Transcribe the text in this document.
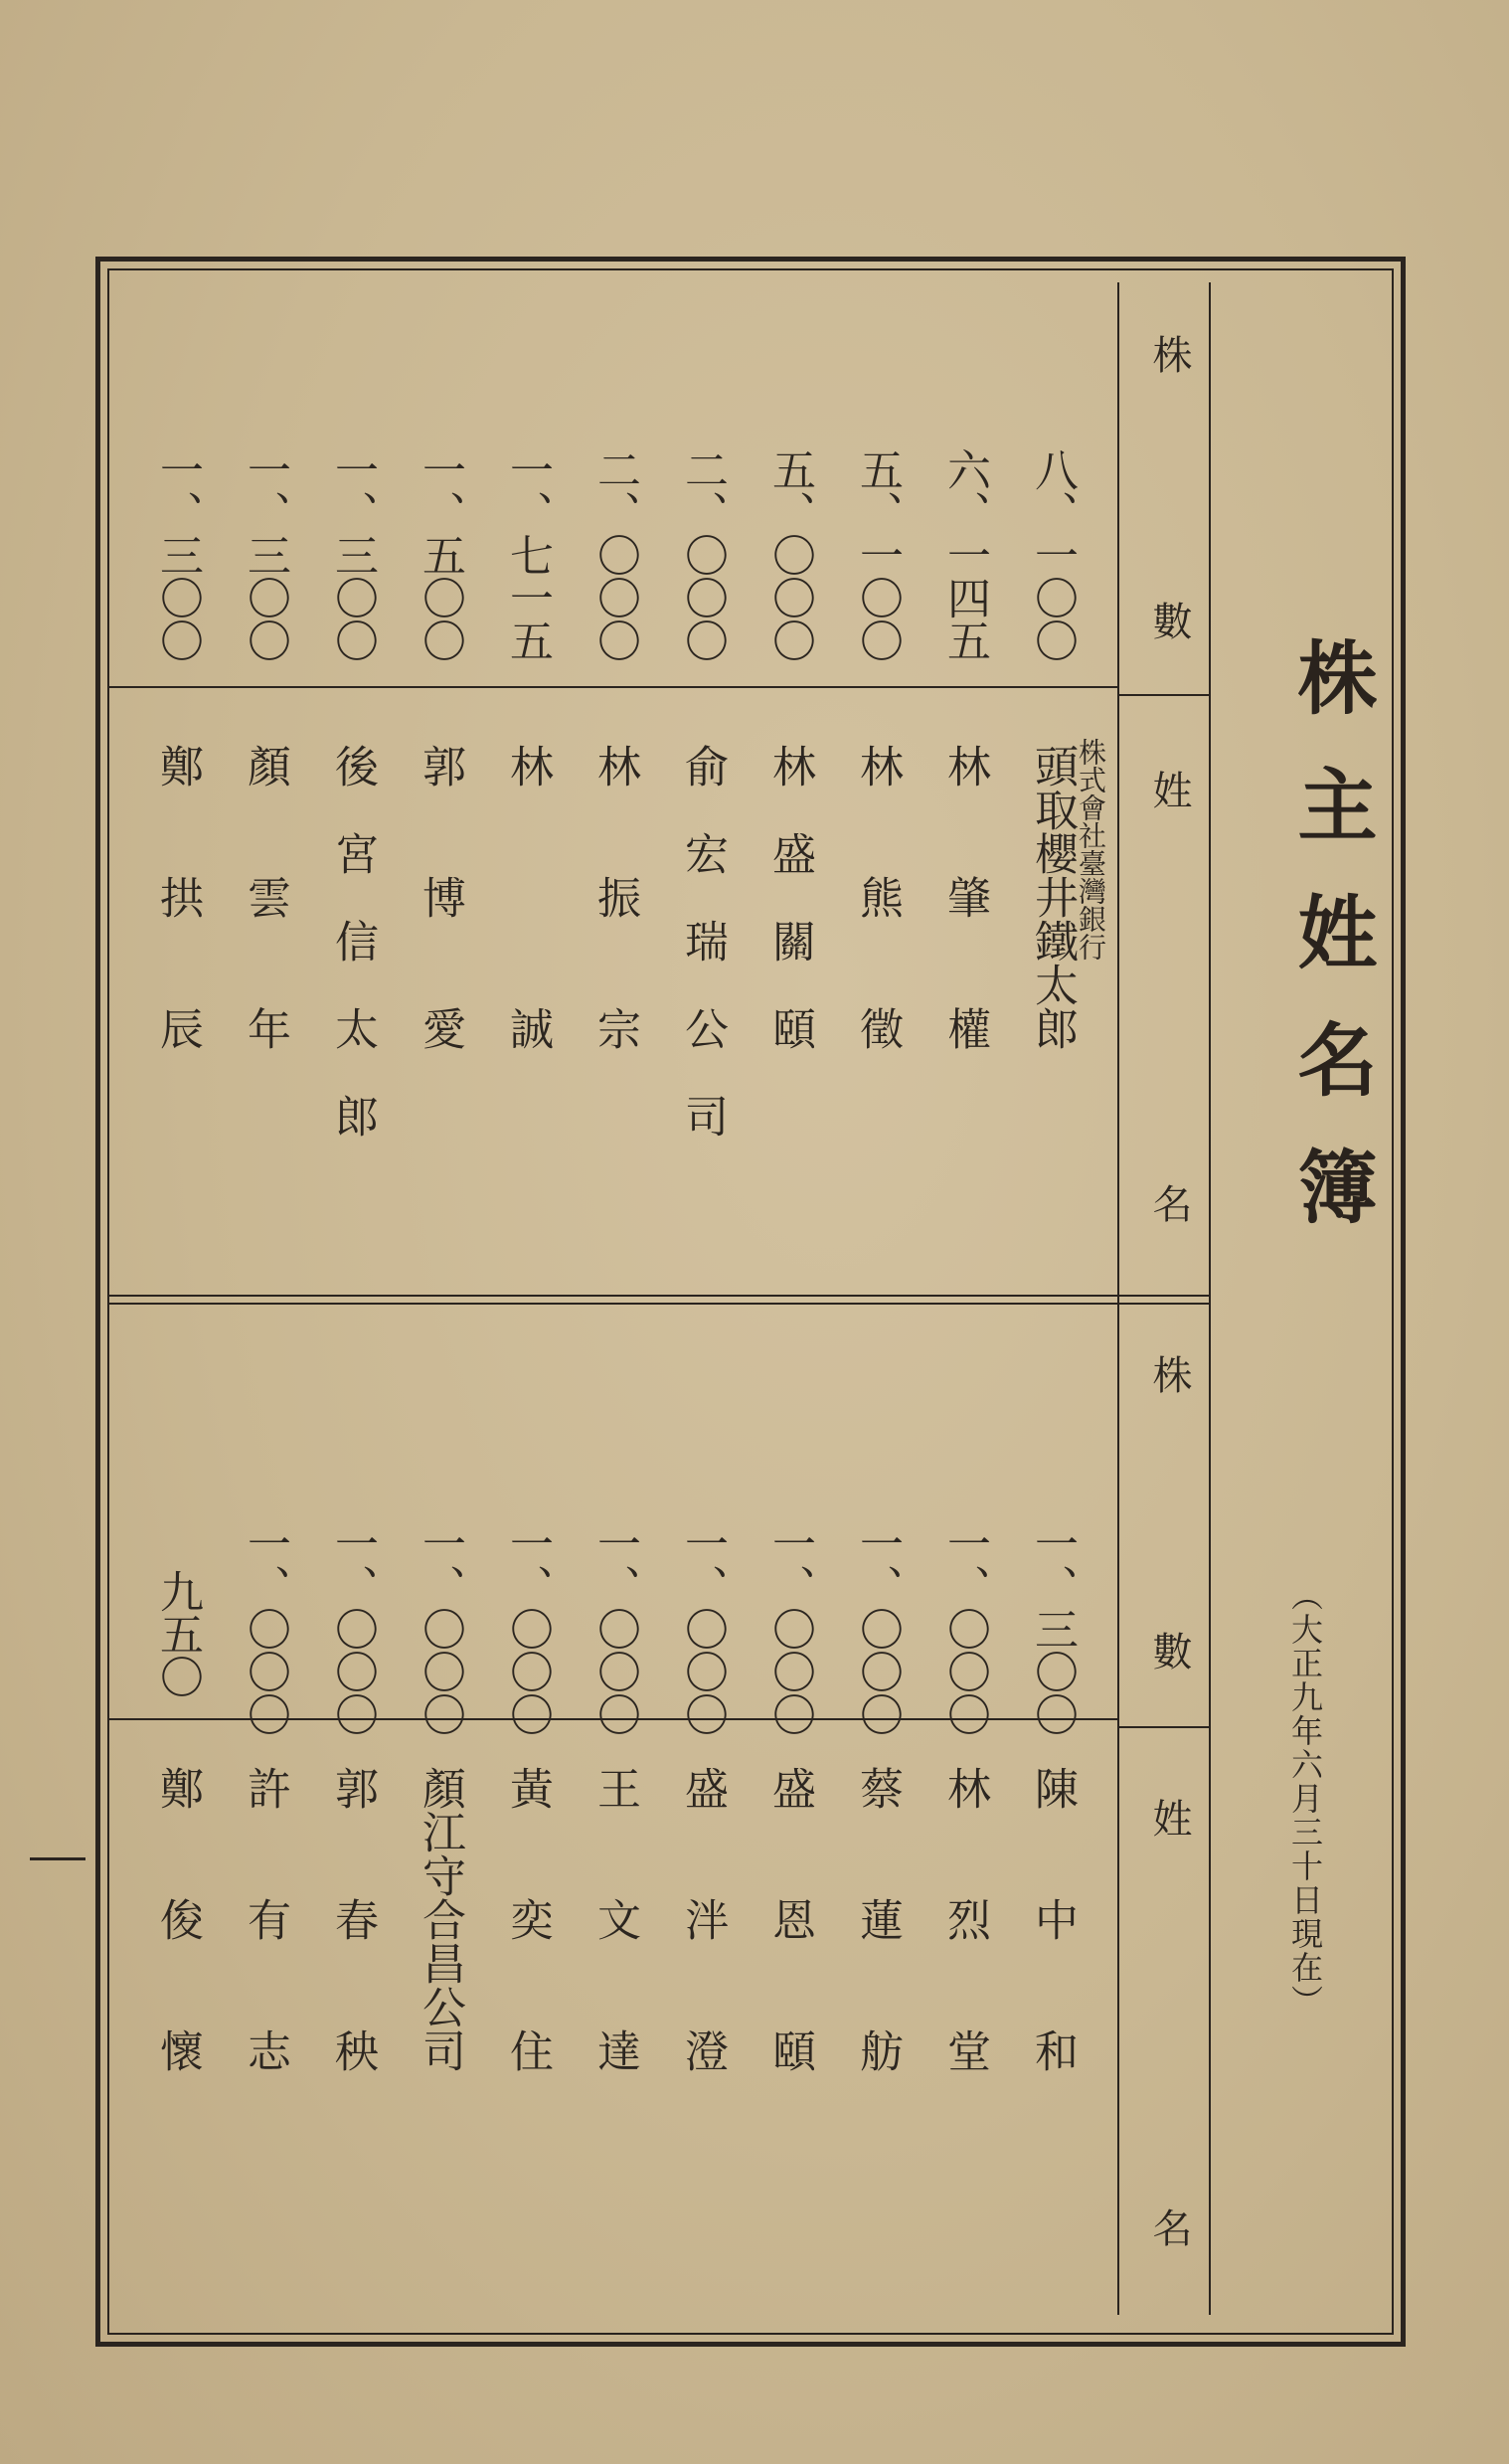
株主姓名簿
（大正九年六月三十日現在）
株
數
姓
名
株
數
姓
名
八、一〇〇
六、一四五
五、一〇〇
五、〇〇〇
二、〇〇〇
二、〇〇〇
一、七一五
一、五〇〇
一、三〇〇
一、三〇〇
一、三〇〇
株式會社臺灣銀行
頭取櫻井鐵太郎
林　　肇　　權
林　　熊　　徵
林　盛　關　頤
俞　宏　瑞　公　司
林　　振　　宗
林　　　　　誠
郭　　博　　愛
後　宮　信　太　郎
顏　　雲　　年
鄭　　拱　　辰
一、三〇〇
一、〇〇〇
一、〇〇〇
一、〇〇〇
一、〇〇〇
一、〇〇〇
一、〇〇〇
一、〇〇〇
一、〇〇〇
一、〇〇〇
九五〇
陳　　中　　和
林　　烈　　堂
蔡　　蓮　　舫
盛　　恩　　頤
盛　　泮　　澄
王　　文　　達
黃　　奕　　住
顏江守合昌公司
郭　　春　　秧
許　　有　　志
鄭　　俊　　懷
